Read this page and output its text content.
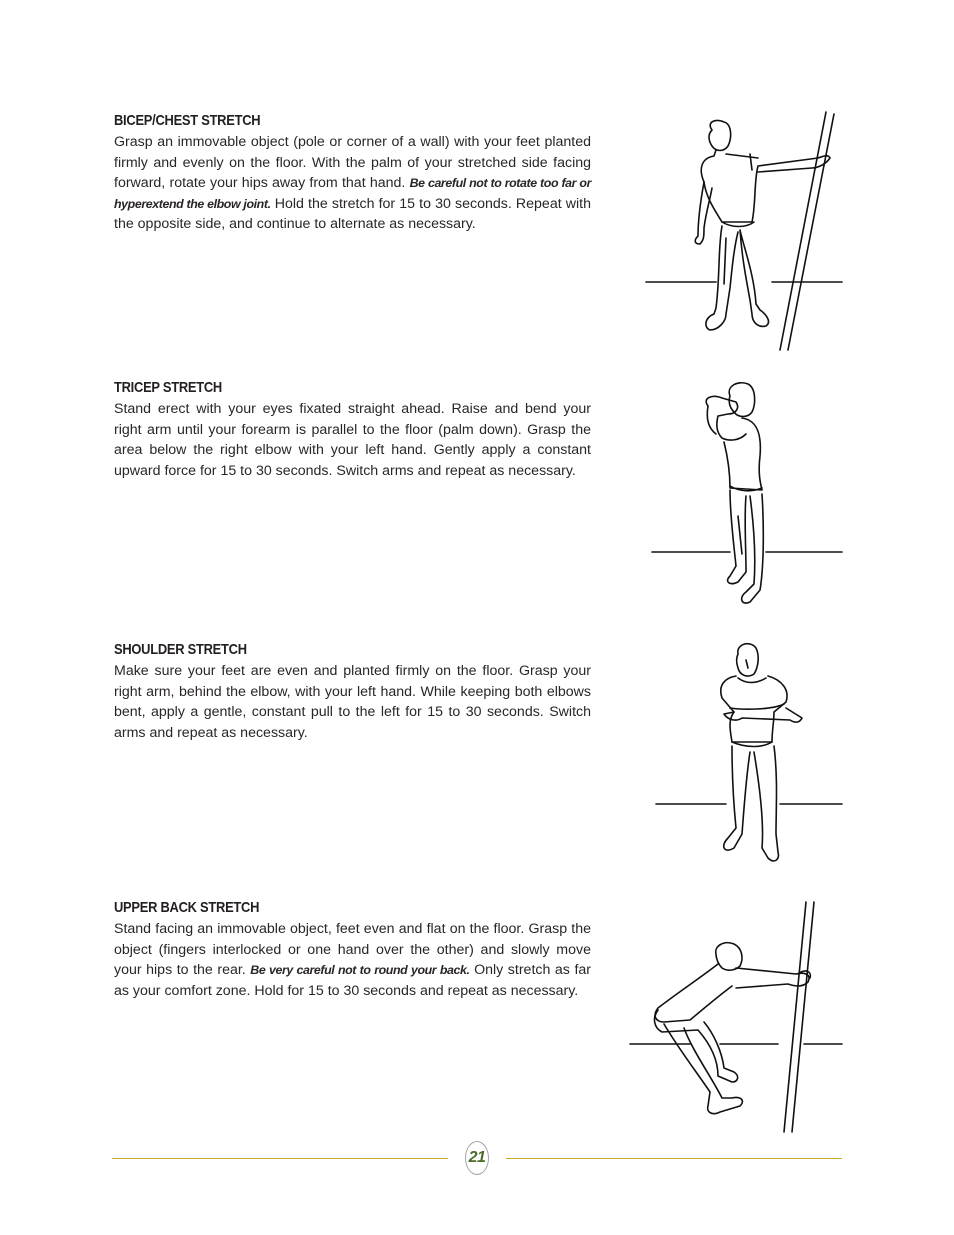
BICEP/CHEST STRETCH

Grasp an immovable object (pole or corner of a wall) with your feet planted firmly and evenly on the floor. With the palm of your stretched side facing forward, rotate your hips away from that hand. Be careful not to rotate too far or hyperextend the elbow joint. Hold the stretch for 15 to 30 seconds. Repeat with the opposite side, and continue to alternate as necessary.

TRICEP STRETCH

Stand erect with your eyes fixated straight ahead. Raise and bend your right arm until your forearm is parallel to the floor (palm down). Grasp the area below the right elbow with your left hand. Gently apply a constant upward force for 15 to 30 seconds. Switch arms and repeat as necessary.

SHOULDER STRETCH

Make sure your feet are even and planted firmly on the floor. Grasp your right arm, behind the elbow, with your left hand. While keeping both elbows bent, apply a gentle, constant pull to the left for 15 to 30 seconds. Switch arms and repeat as necessary.

UPPER BACK STRETCH

Stand facing an immovable object, feet even and flat on the floor. Grasp the object (fingers interlocked or one hand over the other) and slowly move your hips to the rear. Be very careful not to round your back. Only stretch as far as your comfort zone. Hold for 15 to 30 seconds and repeat as necessary.

21
